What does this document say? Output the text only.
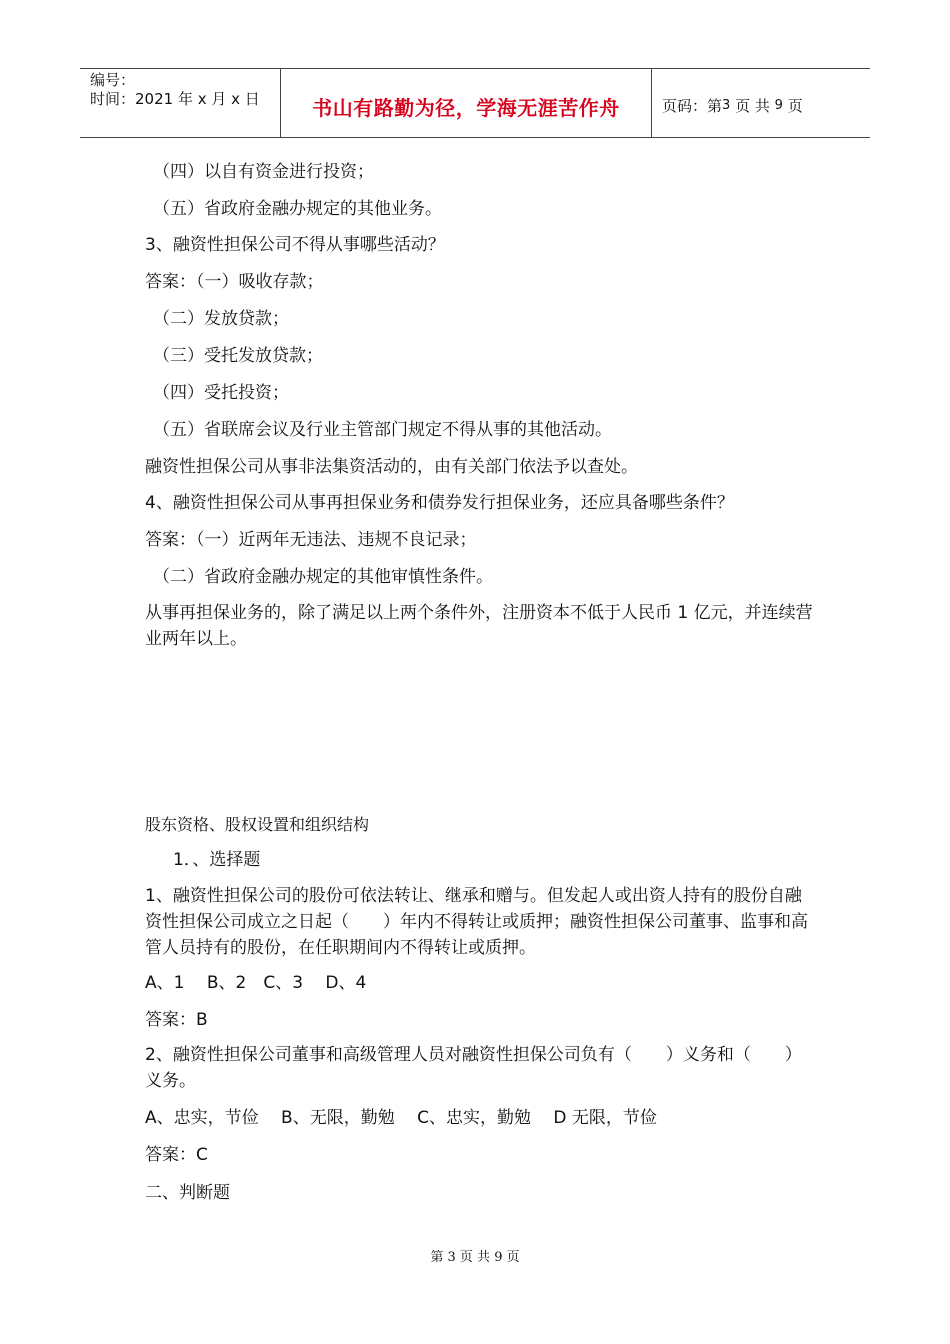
编号：
时间：2021 年 x 月 x 日	书山有路勤为径，学海无涯苦作舟	页码：第 3
页 共
9
页
（四）以自有资金进行投资；
（五）省政府金融办规定的其他业务。
3、融资性担保公司不得从事哪些活动？
答案：（一）吸收存款；
（二）发放贷款；
（三）受托发放贷款；
（四）受托投资；
（五）省联席会议及行业主管部门规定不得从事的其他活动。
融资性担保公司从事非法集资活动的，由有关部门依法予以查处。
4、融资性担保公司从事再担保业务和债券发行担保业务，还应具备哪些条件？
答案：（一）近两年无违法、违规不良记录；
（二）省政府金融办规定的其他审慎性条件。
从事再担保业务的，除了满足以上两个条件外，注册资本不低于人民币 1 亿元，并连续营业两年以上。
股东资格、股权设置和组织结构
1．、选择题
1、融资性担保公司的股份可依法转让、继承和赠与。但发起人或出资人持有的股份自融资性担保公司成立之日起（　　）年内不得转让或质押；融资性担保公司董事、监事和高管人员持有的股份，在任职期间内不得转让或质押。
A、1　 B、2　C、3　 D、4
答案：B
2、融资性担保公司董事和高级管理人员对融资性担保公司负有（　　）义务和（　　）义务。
A、忠实，节俭　 B、无限，勤勉　 C、忠实，勤勉　 D 无限，节俭
答案：C
二、判断题
第 3 页 共 9 页
